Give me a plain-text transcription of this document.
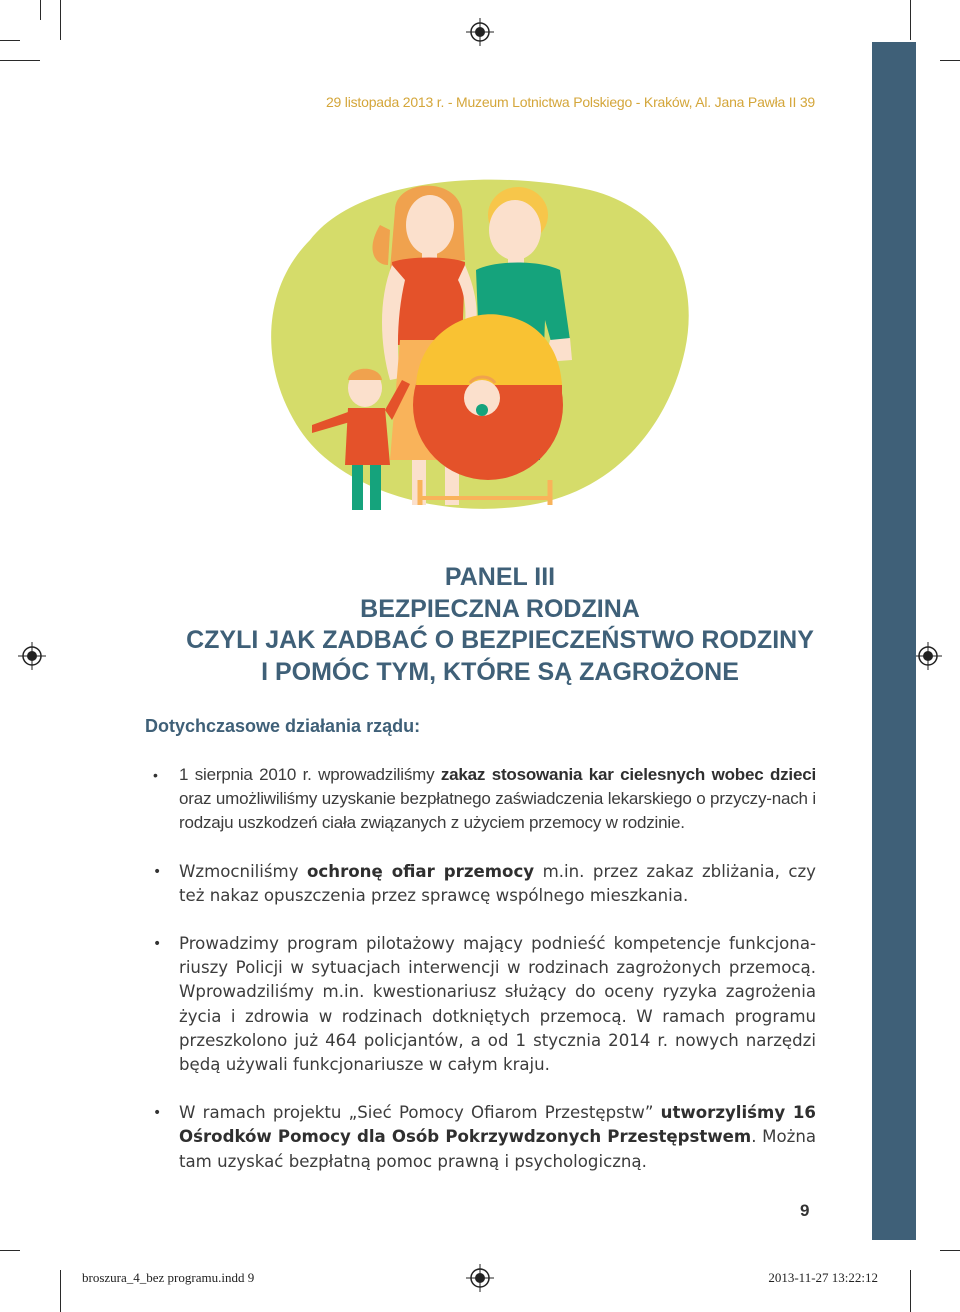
29 listopada 2013 r. - Muzeum Lotnictwa Polskiego - Kraków, Al. Jana Pawła II 39
PANEL III
BEZPIECZNA RODZINA
CZYLI JAK ZADBAĆ O BEZPIECZEŃSTWO RODZINY
I POMÓC TYM, KTÓRE SĄ ZAGROŻONE
Dotychczasowe działania rządu:
• 1 sierpnia 2010 r. wprowadziliśmy zakaz stosowania kar cielesnych wobec dzieci oraz umożliwiliśmy uzyskanie bezpłatnego zaświadczenia lekarskiego o przyczy-nach i rodzaju uszkodzeń ciała związanych z użyciem przemocy w rodzinie.
• Wzmocniliśmy ochronę ofiar przemocy m.in. przez zakaz zbliżania, czy też nakaz opuszczenia przez sprawcę wspólnego mieszkania.
• Prowadzimy program pilotażowy mający podnieść kompetencje funkcjona-riuszy Policji w sytuacjach interwencji w rodzinach zagrożonych przemocą. Wprowadziliśmy m.in. kwestionariusz służący do oceny ryzyka zagrożenia życia i zdrowia w rodzinach dotkniętych przemocą. W ramach programu przeszkolono już 464 policjantów, a od 1 stycznia 2014 r. nowych narzędzi będą używali funkcjonariusze w całym kraju.
• W ramach projektu „Sieć Pomocy Ofiarom Przestępstw” utworzyliśmy 16 Ośrodków Pomocy dla Osób Pokrzywdzonych Przestępstwem. Można tam uzyskać bezpłatną pomoc prawną i psychologiczną.
9
broszura_4_bez programu.indd 9	2013-11-27 13:22:12
